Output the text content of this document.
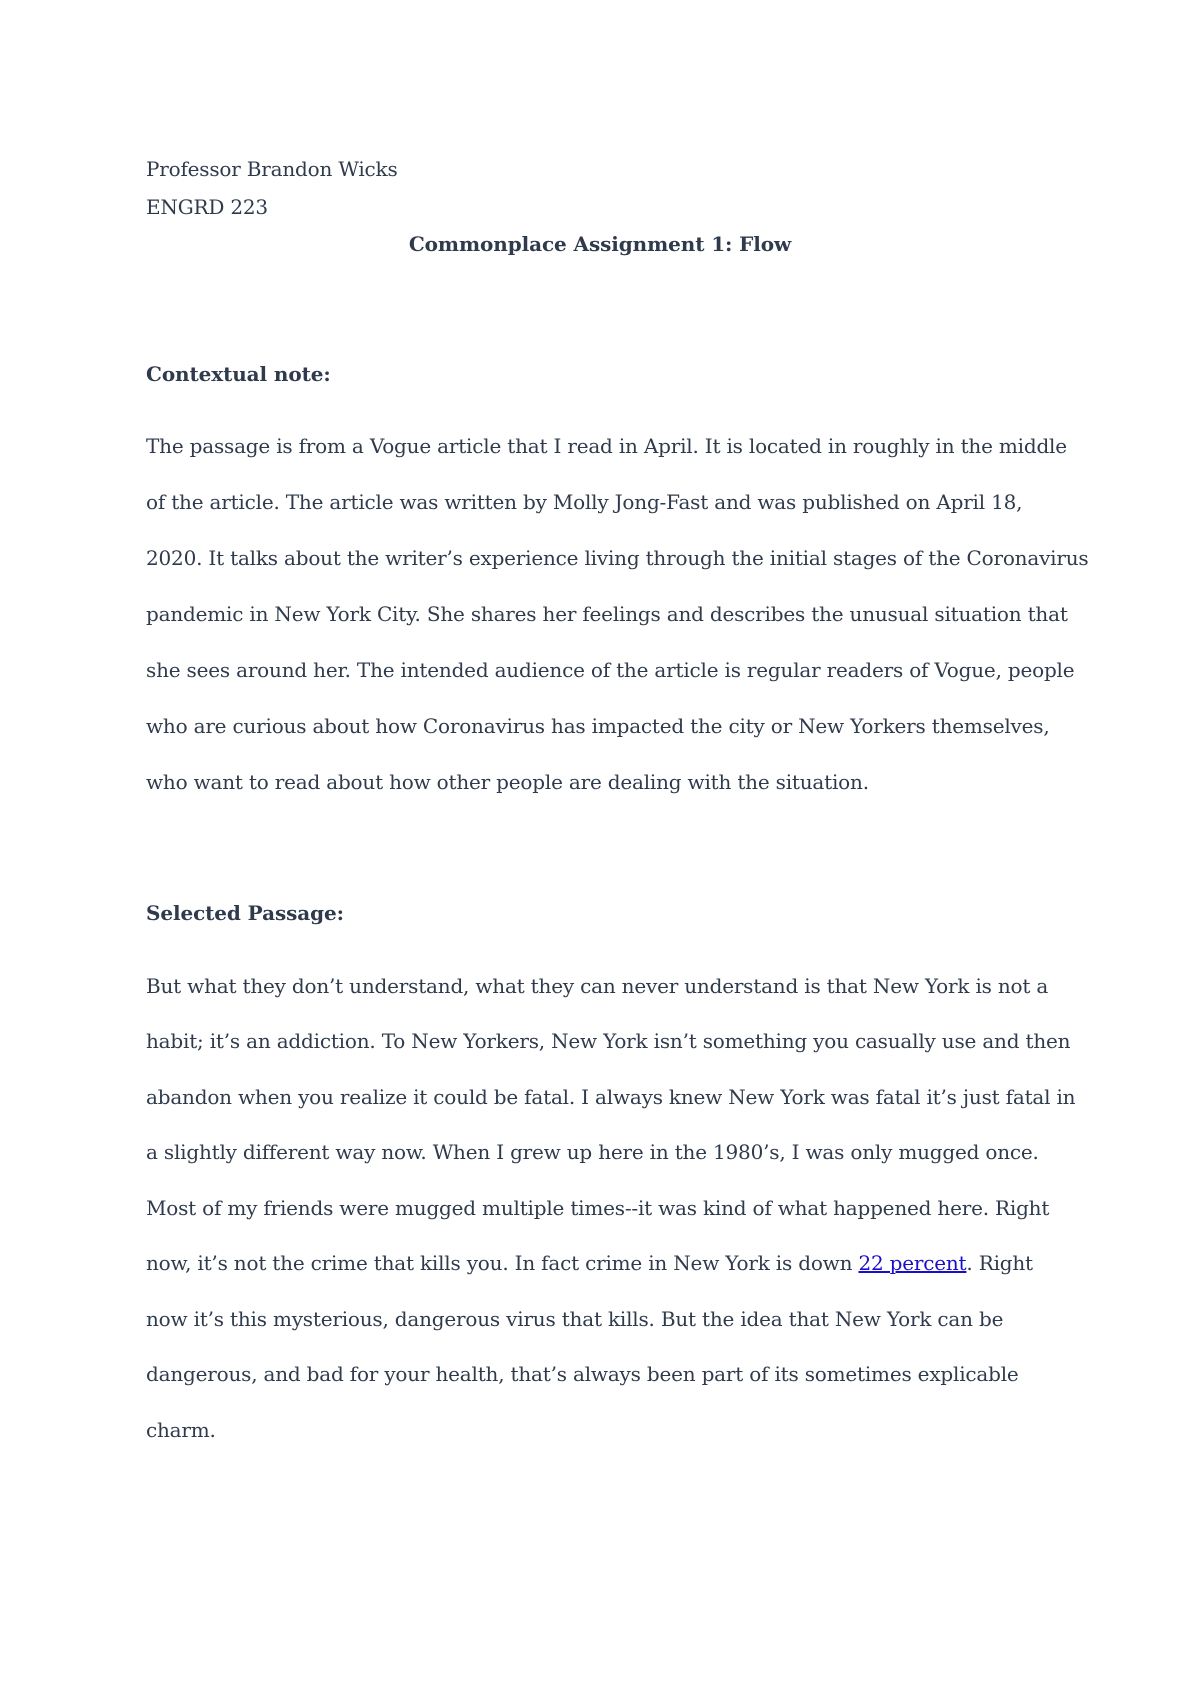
Professor Brandon Wicks
ENGRD 223
Commonplace Assignment 1: Flow
Contextual note:
The passage is from a Vogue article that I read in April. It is located in roughly in the middle
of the article. The article was written by Molly Jong-Fast and was published on April 18,
2020. It talks about the writer’s experience living through the initial stages of the Coronavirus
pandemic in New York City. She shares her feelings and describes the unusual situation that
she sees around her. The intended audience of the article is regular readers of Vogue, people
who are curious about how Coronavirus has impacted the city or New Yorkers themselves,
who want to read about how other people are dealing with the situation.
Selected Passage:
But what they don’t understand, what they can never understand is that New York is not a
habit; it’s an addiction. To New Yorkers, New York isn’t something you casually use and then
abandon when you realize it could be fatal. I always knew New York was fatal it’s just fatal in
a slightly different way now. When I grew up here in the 1980’s, I was only mugged once.
Most of my friends were mugged multiple times--it was kind of what happened here. Right
now, it’s not the crime that kills you. In fact crime in New York is down 22 percent. Right
now it’s this mysterious, dangerous virus that kills. But the idea that New York can be
dangerous, and bad for your health, that’s always been part of its sometimes explicable
charm.
